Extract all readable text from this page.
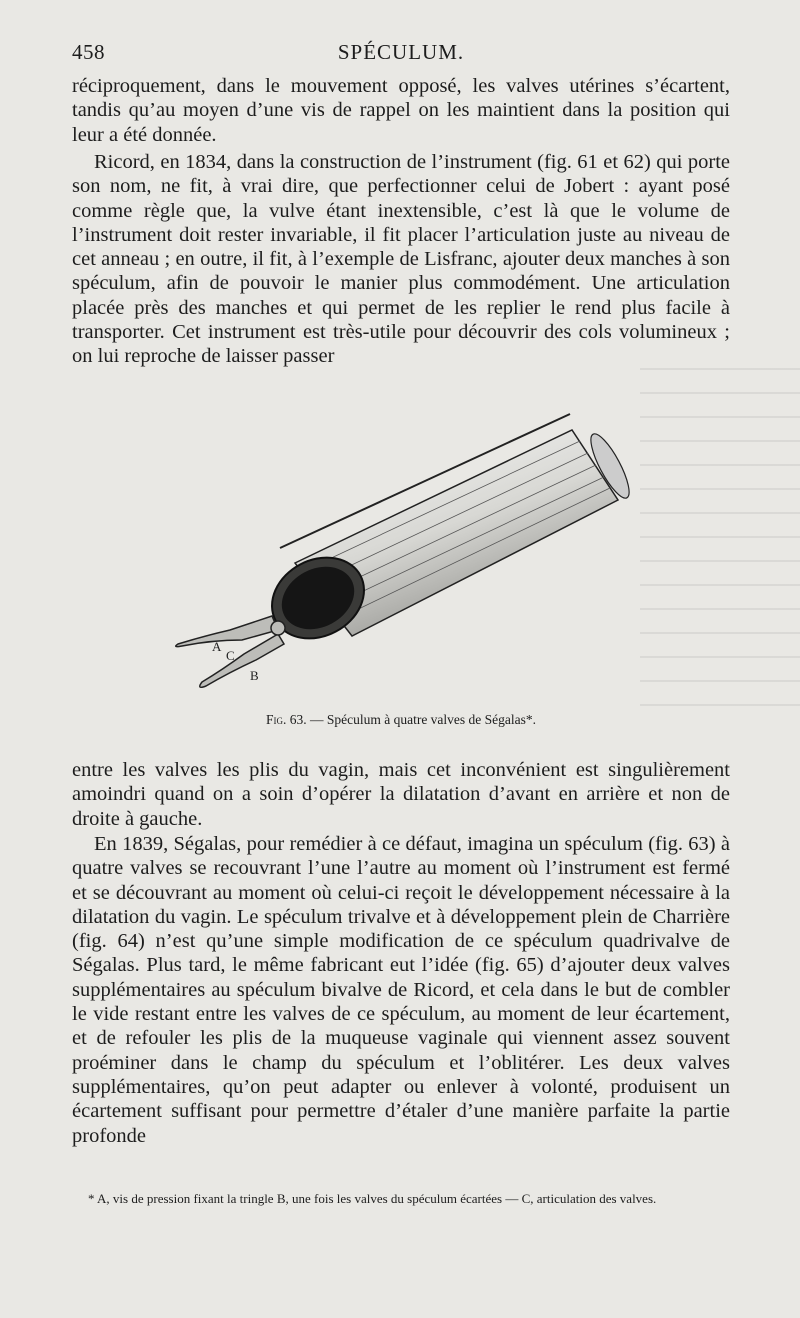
458	SPÉCULUM.

réciproquement, dans le mouvement opposé, les valves utérines s’écartent, tandis qu’au moyen d’une vis de rappel on les maintient dans la position qui leur a été donnée.

Ricord, en 1834, dans la construction de l’instrument (fig. 61 et 62) qui porte son nom, ne fit, à vrai dire, que perfectionner celui de Jobert : ayant posé comme règle que, la vulve étant inextensible, c’est là que le volume de l’instrument doit rester invariable, il fit placer l’articulation juste au niveau de cet anneau ; en outre, il fit, à l’exemple de Lisfranc, ajouter deux manches à son spéculum, afin de pouvoir le manier plus commodément. Une articulation placée près des manches et qui permet de les replier le rend plus facile à transporter. Cet instrument est très-utile pour découvrir des cols volumineux ; on lui reproche de laisser passer

A
B
C
Fig. 63. — Spéculum à quatre valves de Ségalas*.

entre les valves les plis du vagin, mais cet inconvénient est singulièrement amoindri quand on a soin d’opérer la dilatation d’avant en arrière et non de droite à gauche.

En 1839, Ségalas, pour remédier à ce défaut, imagina un spéculum (fig. 63) à quatre valves se recouvrant l’une l’autre au moment où l’instrument est fermé et se découvrant au moment où celui-ci reçoit le développement nécessaire à la dilatation du vagin. Le spéculum trivalve et à développement plein de Charrière (fig. 64) n’est qu’une simple modification de ce spéculum quadrivalve de Ségalas. Plus tard, le même fabricant eut l’idée (fig. 65) d’ajouter deux valves supplémentaires au spéculum bivalve de Ricord, et cela dans le but de combler le vide restant entre les valves de ce spéculum, au moment de leur écartement, et de refouler les plis de la muqueuse vaginale qui viennent assez souvent proéminer dans le champ du spéculum et l’oblitérer. Les deux valves supplémentaires, qu’on peut adapter ou enlever à volonté, produisent un écartement suffisant pour permettre d’étaler d’une manière parfaite la partie profonde

* A, vis de pression fixant la tringle B, une fois les valves du spéculum écartées — C, articulation des valves.
